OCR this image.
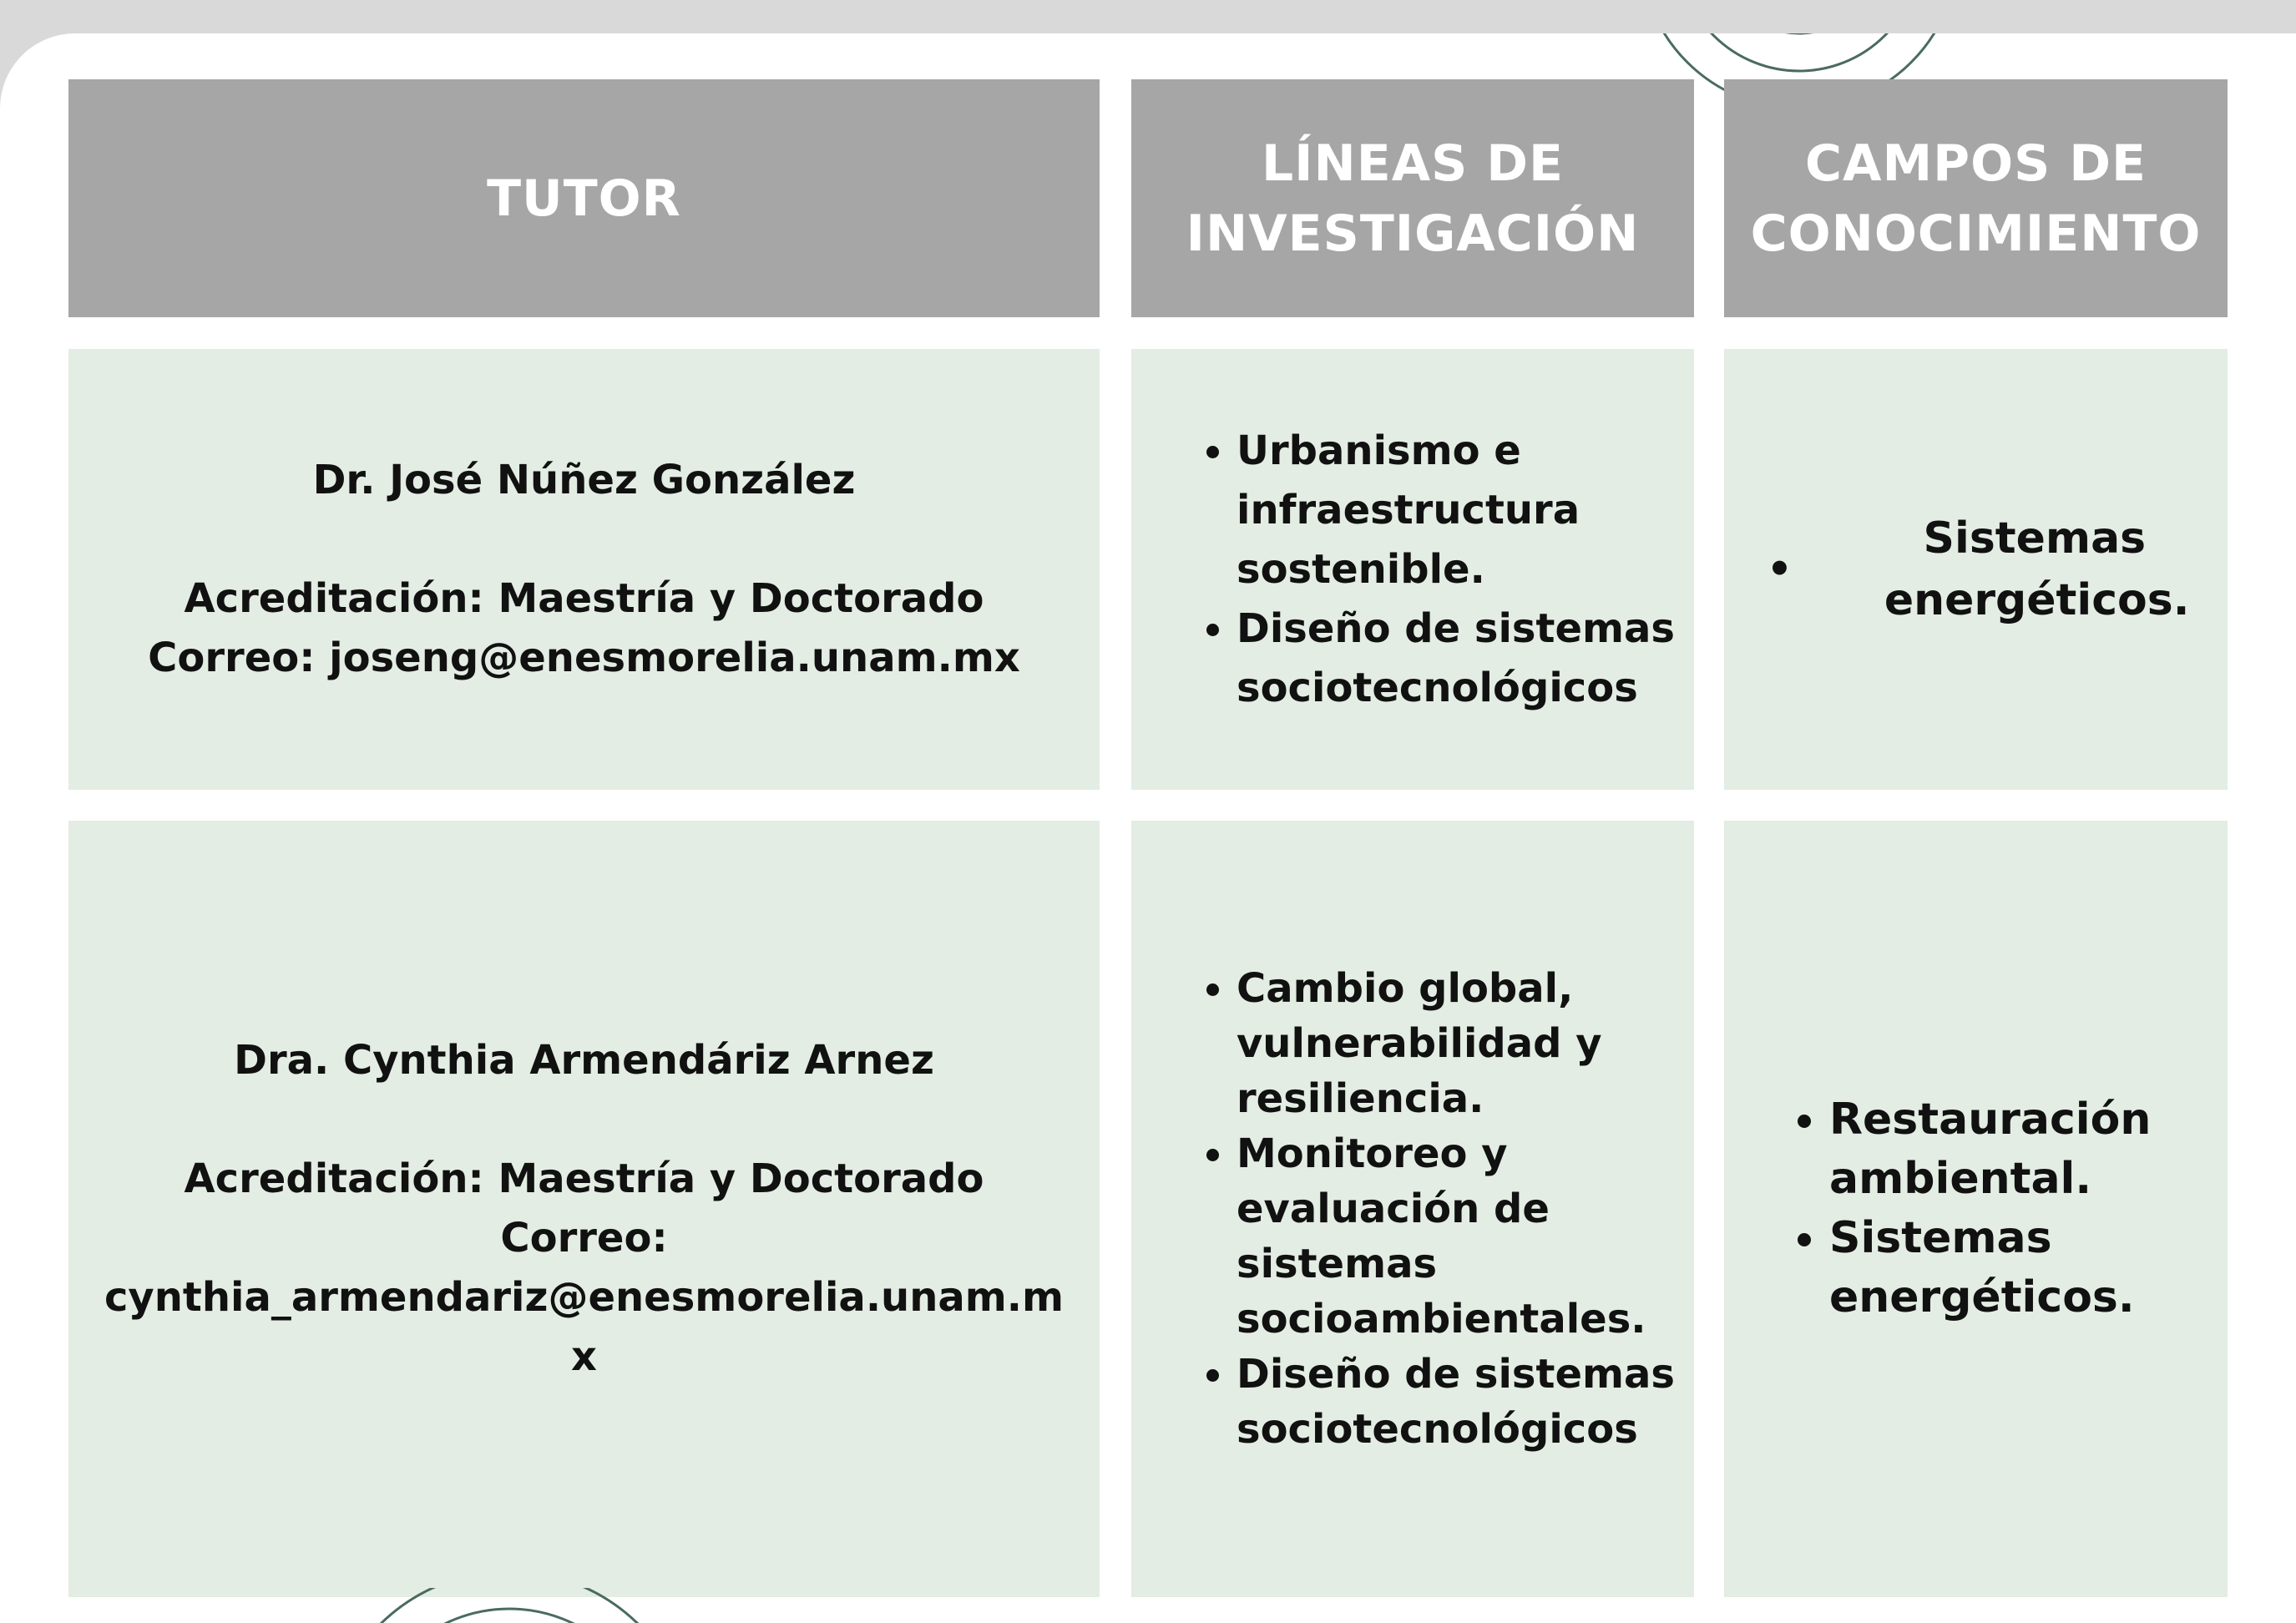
TUTOR
LÍNEAS DE
INVESTIGACIÓN
CAMPOS DE
CONOCIMIENTO
Dr. José Núñez González
Acreditación: Maestría y Doctorado
Correo: joseng@enesmorelia.unam.mx
• Urbanismo e infraestructura sostenible.
• Diseño de sistemas sociotecnológicos
•
Sistemas energéticos.
Dra. Cynthia Armendáriz Arnez
Acreditación: Maestría y Doctorado
Correo:
cynthia_armendariz@enesmorelia.unam.mx
• Cambio global, vulnerabilidad y resiliencia.
• Monitoreo y evaluación de sistemas socioambientales.
• Diseño de sistemas sociotecnológicos
• Restauración ambiental.
• Sistemas energéticos.
